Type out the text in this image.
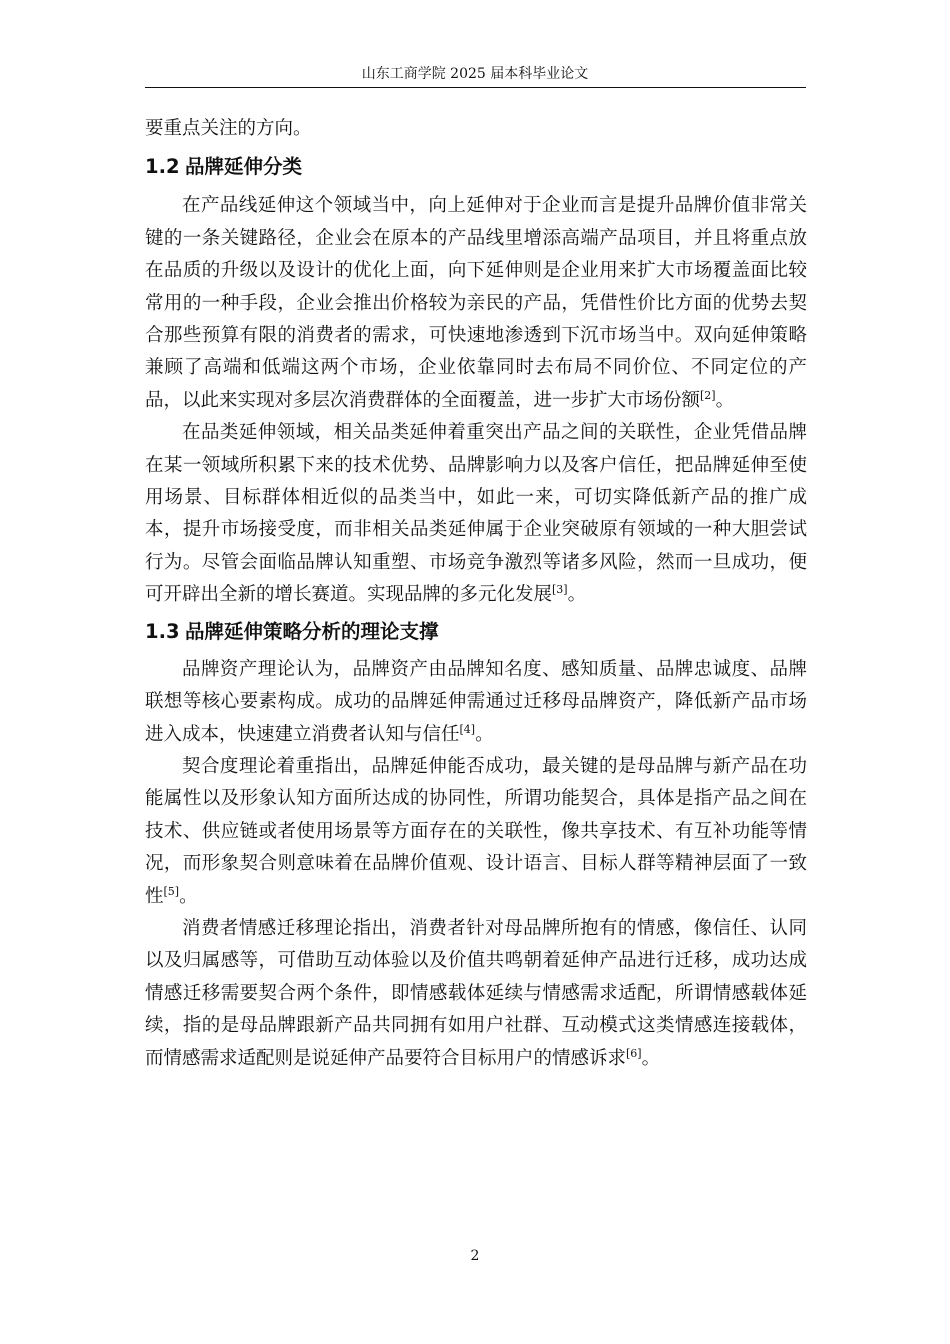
山东工商学院 2025 届本科毕业论文

要重点关注的方向。

1.2 品牌延伸分类

在产品线延伸这个领域当中，向上延伸对于企业而言是提升品牌价值非常关键的一条关键路径，企业会在原本的产品线里增添高端产品项目，并且将重点放在品质的升级以及设计的优化上面，向下延伸则是企业用来扩大市场覆盖面比较常用的一种手段，企业会推出价格较为亲民的产品，凭借性价比方面的优势去契合那些预算有限的消费者的需求，可快速地渗透到下沉市场当中。双向延伸策略兼顾了高端和低端这两个市场，企业依靠同时去布局不同价位、不同定位的产品，以此来实现对多层次消费群体的全面覆盖，进一步扩大市场份额[2]。

在品类延伸领域，相关品类延伸着重突出产品之间的关联性，企业凭借品牌在某一领域所积累下来的技术优势、品牌影响力以及客户信任，把品牌延伸至使用场景、目标群体相近似的品类当中，如此一来，可切实降低新产品的推广成本，提升市场接受度，而非相关品类延伸属于企业突破原有领域的一种大胆尝试行为。尽管会面临品牌认知重塑、市场竞争激烈等诸多风险，然而一旦成功，便可开辟出全新的增长赛道。实现品牌的多元化发展[3]。

1.3 品牌延伸策略分析的理论支撑

品牌资产理论认为，品牌资产由品牌知名度、感知质量、品牌忠诚度、品牌联想等核心要素构成。成功的品牌延伸需通过迁移母品牌资产，降低新产品市场进入成本，快速建立消费者认知与信任[4]。

契合度理论着重指出，品牌延伸能否成功，最关键的是母品牌与新产品在功能属性以及形象认知方面所达成的协同性，所谓功能契合，具体是指产品之间在技术、供应链或者使用场景等方面存在的关联性，像共享技术、有互补功能等情况，而形象契合则意味着在品牌价值观、设计语言、目标人群等精神层面了一致性[5]。

消费者情感迁移理论指出，消费者针对母品牌所抱有的情感，像信任、认同以及归属感等，可借助互动体验以及价值共鸣朝着延伸产品进行迁移，成功达成情感迁移需要契合两个条件，即情感载体延续与情感需求适配，所谓情感载体延续，指的是母品牌跟新产品共同拥有如用户社群、互动模式这类情感连接载体，而情感需求适配则是说延伸产品要符合目标用户的情感诉求[6]。

2
